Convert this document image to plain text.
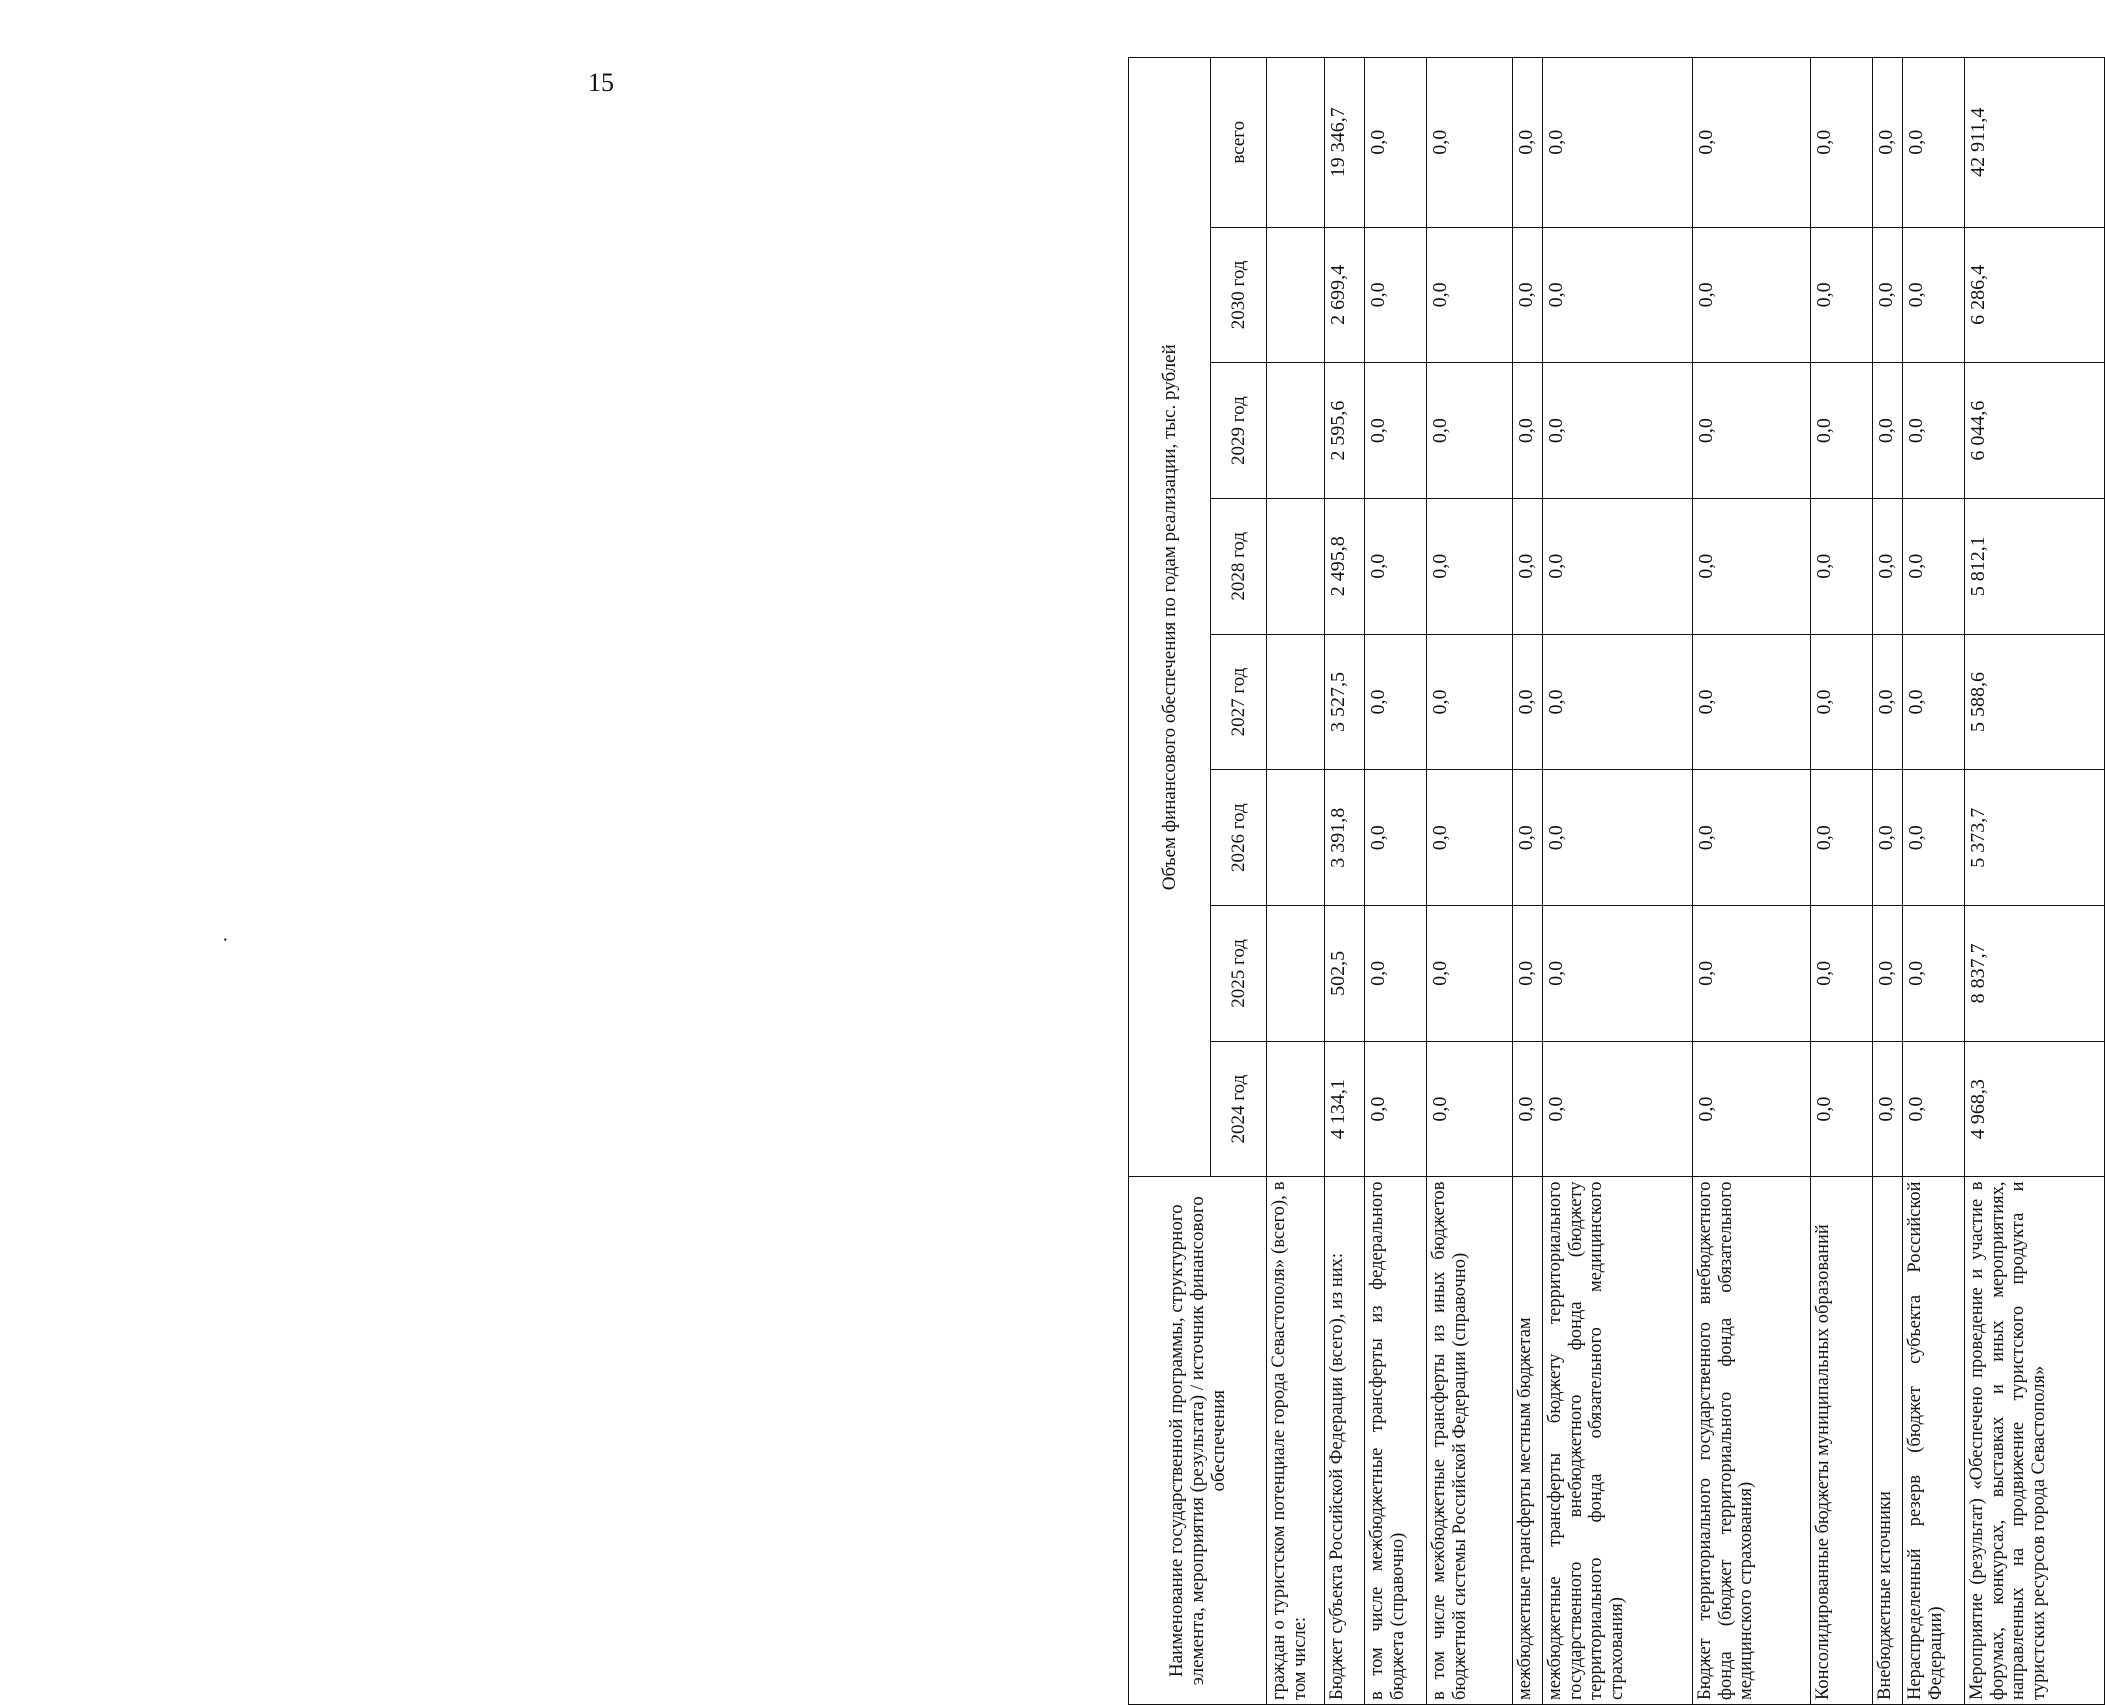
15
·
Наименование государственной программы, структурного элемента, мероприятия (результата) / источник финансового обеспечения	Объем финансового обеспечения по годам реализации, тыс. рублей							
	2024 год	2025 год	2026 год	2027 год	2028 год	2029 год	2030 год	всего
граждан о туристском потенциале города Севастополя» (всего), в том числе:								
Бюджет субъекта Российской Федерации (всего), из них:	4 134,1	502,5	3 391,8	3 527,5	2 495,8	2 595,6	2 699,4	19 346,7
в том числе межбюджетные трансферты из федерального бюджета (справочно)	0,0	0,0	0,0	0,0	0,0	0,0	0,0	0,0
в том числе межбюджетные трансферты из иных бюджетов бюджетной системы Российской Федерации (справочно)	0,0	0,0	0,0	0,0	0,0	0,0	0,0	0,0
межбюджетные трансферты местным бюджетам	0,0	0,0	0,0	0,0	0,0	0,0	0,0	0,0
межбюджетные трансферты бюджету территориального государственного внебюджетного фонда (бюджету территориального фонда обязательного медицинского страхования)	0,0	0,0	0,0	0,0	0,0	0,0	0,0	0,0
Бюджет территориального государственного внебюджетного фонда (бюджет территориального фонда обязательного медицинского страхования)	0,0	0,0	0,0	0,0	0,0	0,0	0,0	0,0
Консолидированные бюджеты муниципальных образований	0,0	0,0	0,0	0,0	0,0	0,0	0,0	0,0
Внебюджетные источники	0,0	0,0	0,0	0,0	0,0	0,0	0,0	0,0
Нераспределенный резерв (бюджет субъекта Российской Федерации)	0,0	0,0	0,0	0,0	0,0	0,0	0,0	0,0
Мероприятие (результат) «Обеспечено проведение и участие в форумах, конкурсах, выставках и иных мероприятиях, направленных на продвижение туристского продукта и туристских ресурсов города Севастополя»	4 968,3	8 837,7	5 373,7	5 588,6	5 812,1	6 044,6	6 286,4	42 911,4
